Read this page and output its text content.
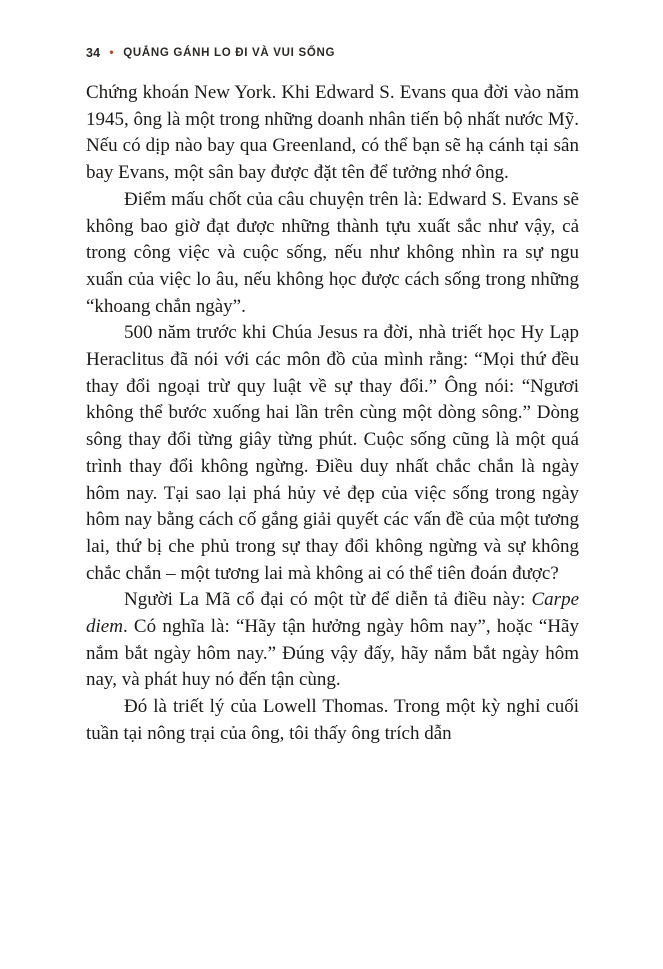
34 • QUẲNG GÁNH LO ĐI VÀ VUI SỐNG

Chứng khoán New York. Khi Edward S. Evans qua đời vào năm 1945, ông là một trong những doanh nhân tiến bộ nhất nước Mỹ. Nếu có dịp nào bay qua Greenland, có thể bạn sẽ hạ cánh tại sân bay Evans, một sân bay được đặt tên để tưởng nhớ ông.

Điểm mấu chốt của câu chuyện trên là: Edward S. Evans sẽ không bao giờ đạt được những thành tựu xuất sắc như vậy, cả trong công việc và cuộc sống, nếu như không nhìn ra sự ngu xuẩn của việc lo âu, nếu không học được cách sống trong những “khoang chắn ngày”.

500 năm trước khi Chúa Jesus ra đời, nhà triết học Hy Lạp Heraclitus đã nói với các môn đồ của mình rằng: “Mọi thứ đều thay đổi ngoại trừ quy luật về sự thay đổi.” Ông nói: “Ngươi không thể bước xuống hai lần trên cùng một dòng sông.” Dòng sông thay đổi từng giây từng phút. Cuộc sống cũng là một quá trình thay đổi không ngừng. Điều duy nhất chắc chắn là ngày hôm nay. Tại sao lại phá hủy vẻ đẹp của việc sống trong ngày hôm nay bằng cách cố gắng giải quyết các vấn đề của một tương lai, thứ bị che phủ trong sự thay đổi không ngừng và sự không chắc chắn – một tương lai mà không ai có thể tiên đoán được?

Người La Mã cổ đại có một từ để diễn tả điều này: Carpe diem. Có nghĩa là: “Hãy tận hưởng ngày hôm nay”, hoặc “Hãy nắm bắt ngày hôm nay.” Đúng vậy đấy, hãy nắm bắt ngày hôm nay, và phát huy nó đến tận cùng.

Đó là triết lý của Lowell Thomas. Trong một kỳ nghỉ cuối tuần tại nông trại của ông, tôi thấy ông trích dẫn
